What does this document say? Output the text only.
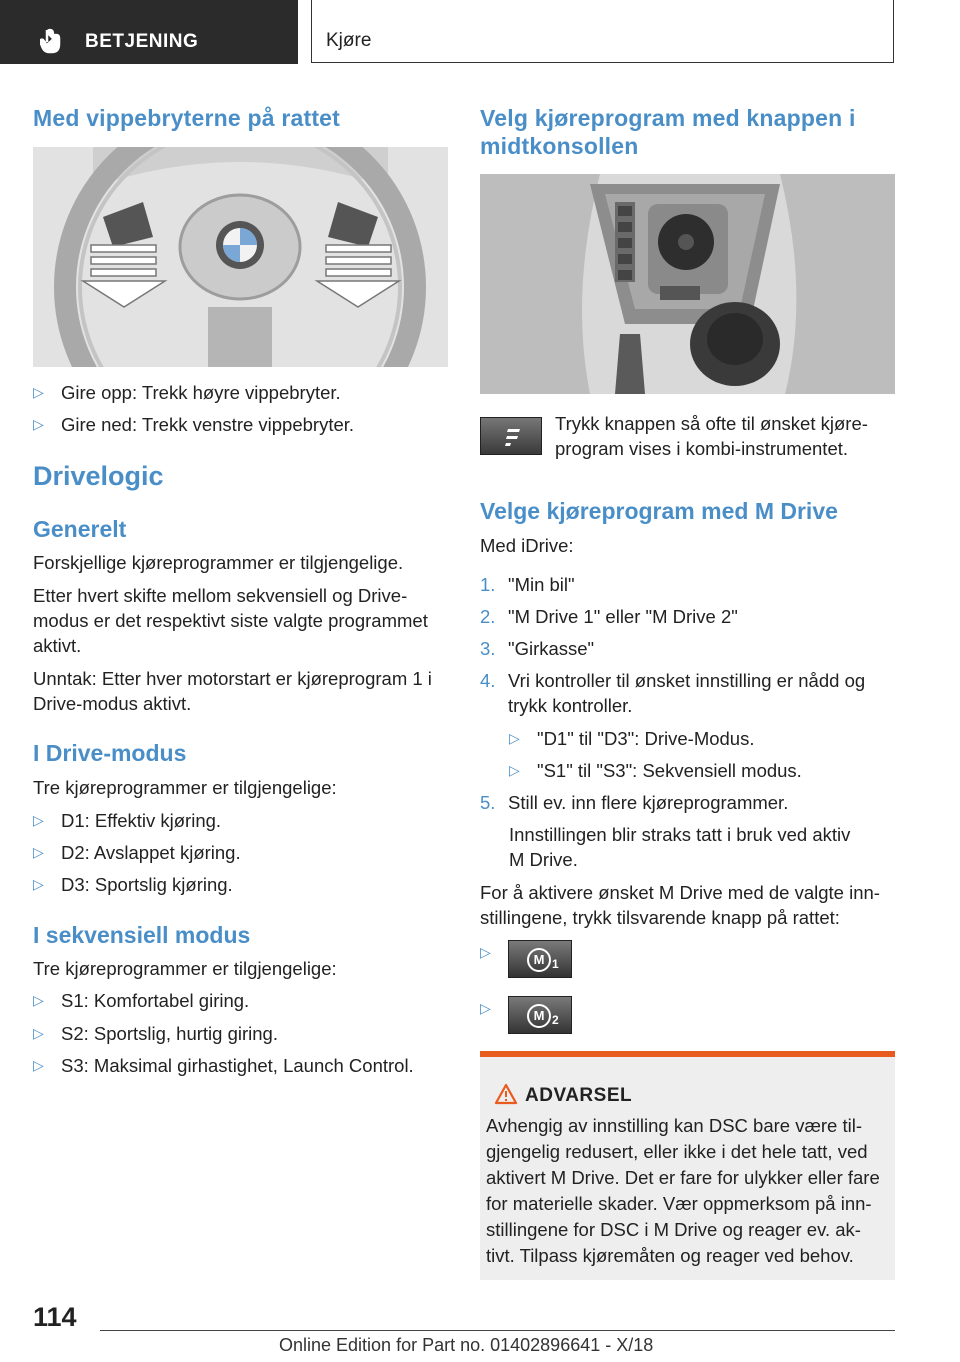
BETJENING	Kjøre
Med vippebryterne på rattet
▷ Gire opp: Trekk høyre vippebryter.
▷ Gire ned: Trekk venstre vippebryter.
Drivelogic
Generelt
Forskjellige kjøreprogrammer er tilgjengelige.
Etter hvert skifte mellom sekvensiell og Drive-
modus er det respektivt siste valgte programmet
aktivt.
Unntak: Etter hver motorstart er kjøreprogram 1 i
Drive-modus aktivt.
I Drive-modus
Tre kjøreprogrammer er tilgjengelige:
▷ D1: Effektiv kjøring.
▷ D2: Avslappet kjøring.
▷ D3: Sportslig kjøring.
I sekvensiell modus
Tre kjøreprogrammer er tilgjengelige:
▷ S1: Komfortabel giring.
▷ S2: Sportslig, hurtig giring.
▷ S3: Maksimal girhastighet, Launch Control.
Velg kjøreprogram med knappen i
midtkonsollen
Trykk knappen så ofte til ønsket kjøre-
program vises i kombi-instrumentet.
Velge kjøreprogram med M Drive
Med iDrive:
1. "Min bil"
2. "M Drive 1" eller "M Drive 2"
3. "Girkasse"
4. Vri kontroller til ønsket innstilling er nådd og
trykk kontroller.
▷ "D1" til "D3": Drive-Modus.
▷ "S1" til "S3": Sekvensiell modus.
5. Still ev. inn flere kjøreprogrammer.
Innstillingen blir straks tatt i bruk ved aktiv
M Drive.
For å aktivere ønsket M Drive med de valgte inn-
stillingene, trykk tilsvarende knapp på rattet:
▷	M 1
▷	M 2
ADVARSEL
Avhengig av innstilling kan DSC bare være til-
gjengelig redusert, eller ikke i det hele tatt, ved
aktivert M Drive. Det er fare for ulykker eller fare
for materielle skader. Vær oppmerksom på inn-
stillingene for DSC i M Drive og reager ev. ak-
tivt. Tilpass kjøremåten og reager ved behov.
114
Online Edition for Part no. 01402896641 - X/18
